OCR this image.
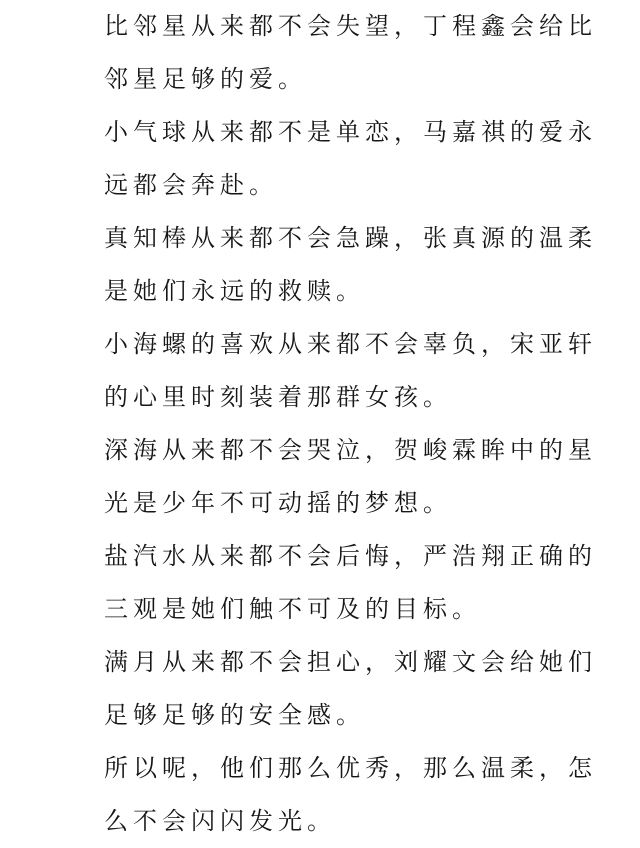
比邻星从来都不会失望，丁程鑫会给比
邻星足够的爱。
小气球从来都不是单恋，马嘉祺的爱永
远都会奔赴。
真知棒从来都不会急躁，张真源的温柔
是她们永远的救赎。
小海螺的喜欢从来都不会辜负，宋亚轩
的心里时刻装着那群女孩。
深海从来都不会哭泣，贺峻霖眸中的星
光是少年不可动摇的梦想。
盐汽水从来都不会后悔，严浩翔正确的
三观是她们触不可及的目标。
满月从来都不会担心，刘耀文会给她们
足够足够的安全感。
所以呢，他们那么优秀，那么温柔，怎
么不会闪闪发光。
